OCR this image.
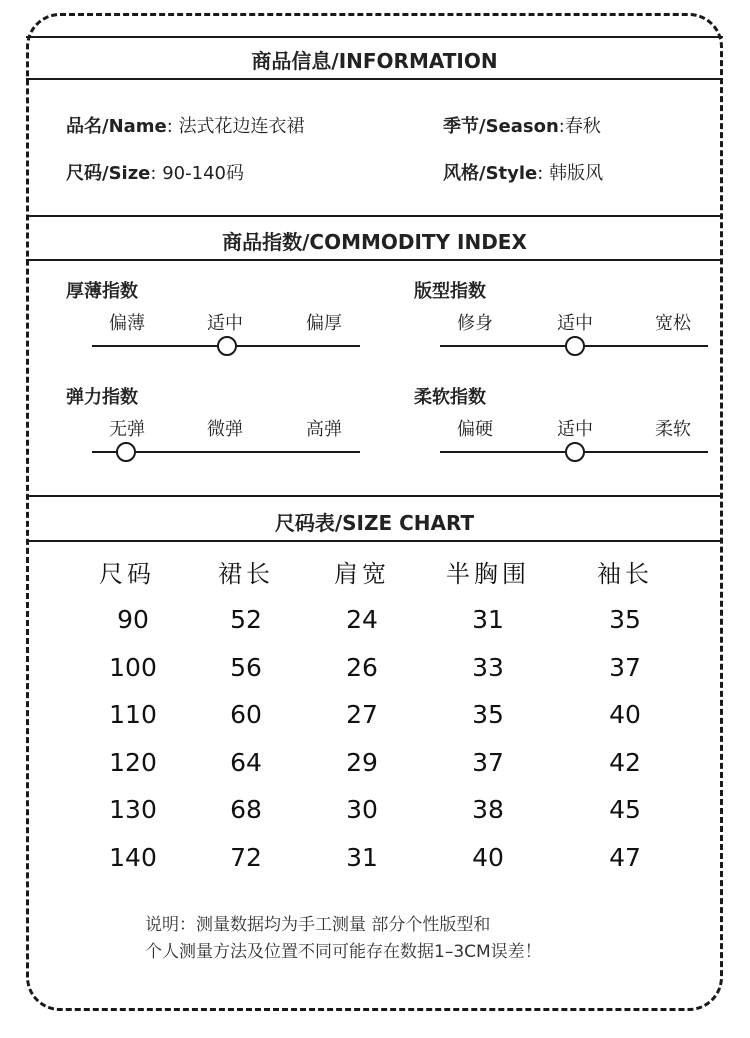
商品信息/INFORMATION
品名/Name: 法式花边连衣裙	季节/Season:春秋
尺码/Size: 90-140码	风格/Style: 韩版风
商品指数/COMMODITY INDEX
厚薄指数
偏薄	适中	偏厚
版型指数
修身	适中	宽松
弹力指数
无弹	微弹	高弹
柔软指数
偏硬	适中	柔软
尺码表/SIZE CHART
尺码	裙长	肩宽	半胸围	袖长
90	52	24	31	35
100	56	26	33	37
110	60	27	35	40
120	64	29	37	42
130	68	30	38	45
140	72	31	40	47
说明：测量数据均为手工测量 部分个性版型和
个人测量方法及位置不同可能存在数据1–3CM误差！
